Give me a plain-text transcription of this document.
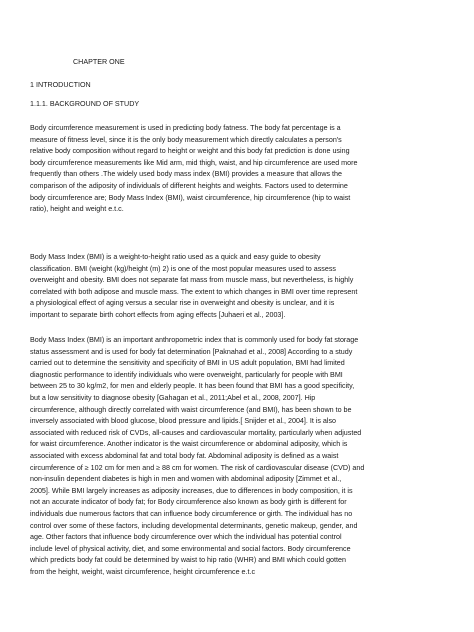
CHAPTER ONE
1 INTRODUCTION
1.1.1. BACKGROUND OF STUDY

Body circumference measurement is used in predicting body fatness. The body fat percentage is a
measure of fitness level, since it is the only body measurement which directly calculates a person's
relative body composition without regard to height or weight and this body fat prediction is done using
body circumference measurements like Mid arm, mid thigh, waist, and hip circumference are used more
frequently than others .The widely used body mass index (BMI) provides a measure that allows the
comparison of the adiposity of individuals of different heights and weights. Factors used to determine
body circumference are; Body Mass Index (BMI), waist circumference, hip circumference (hip to waist
ratio), height and weight e.t.c.

Body Mass Index (BMI) is a weight-to-height ratio used as a quick and easy guide to obesity
classification. BMI (weight (kg)/height (m) 2) is one of the most popular measures used to assess
overweight and obesity. BMI does not separate fat mass from muscle mass, but nevertheless, is highly
correlated with both adipose and muscle mass. The extent to which changes in BMI over time represent
a physiological effect of aging versus a secular rise in overweight and obesity is unclear, and it is
important to separate birth cohort effects from aging effects [Juhaeri et al., 2003].

Body Mass Index (BMI) is an important anthropometric index that is commonly used for body fat storage
status assessment and is used for body fat determination [Paknahad et al., 2008] According to a study
carried out to determine the sensitivity and specificity of BMI in US adult population, BMI had limited
diagnostic performance to identify individuals who were overweight, particularly for people with BMI
between 25 to 30 kg/m2, for men and elderly people. It has been found that BMI has a good specificity,
but a low sensitivity to diagnose obesity [Gahagan et al., 2011;Abel et al., 2008, 2007]. Hip
circumference, although directly correlated with waist circumference (and BMI), has been shown to be
inversely associated with blood glucose, blood pressure and lipids.[ Snijder et al., 2004]. It is also
associated with reduced risk of CVDs, all-causes and cardiovascular mortality, particularly when adjusted
for waist circumference. Another indicator is the waist circumference or abdominal adiposity, which is
associated with excess abdominal fat and total body fat. Abdominal adiposity is defined as a waist
circumference of ≥ 102 cm for men and ≥ 88 cm for women. The risk of cardiovascular disease (CVD) and
non-insulin dependent diabetes is high in men and women with abdominal adiposity [Zimmet et al.,
2005]. While BMI largely increases as adiposity increases, due to differences in body composition, it is
not an accurate indicator of body fat; for Body circumference also known as body girth is different for
individuals due numerous factors that can influence body circumference or girth. The individual has no
control over some of these factors, including developmental determinants, genetic makeup, gender, and
age. Other factors that influence body circumference over which the individual has potential control
include level of physical activity, diet, and some environmental and social factors. Body circumference
which predicts body fat could be determined by waist to hip ratio (WHR) and BMI which could gotten
from the height, weight, waist circumference, height circumference e.t.c
